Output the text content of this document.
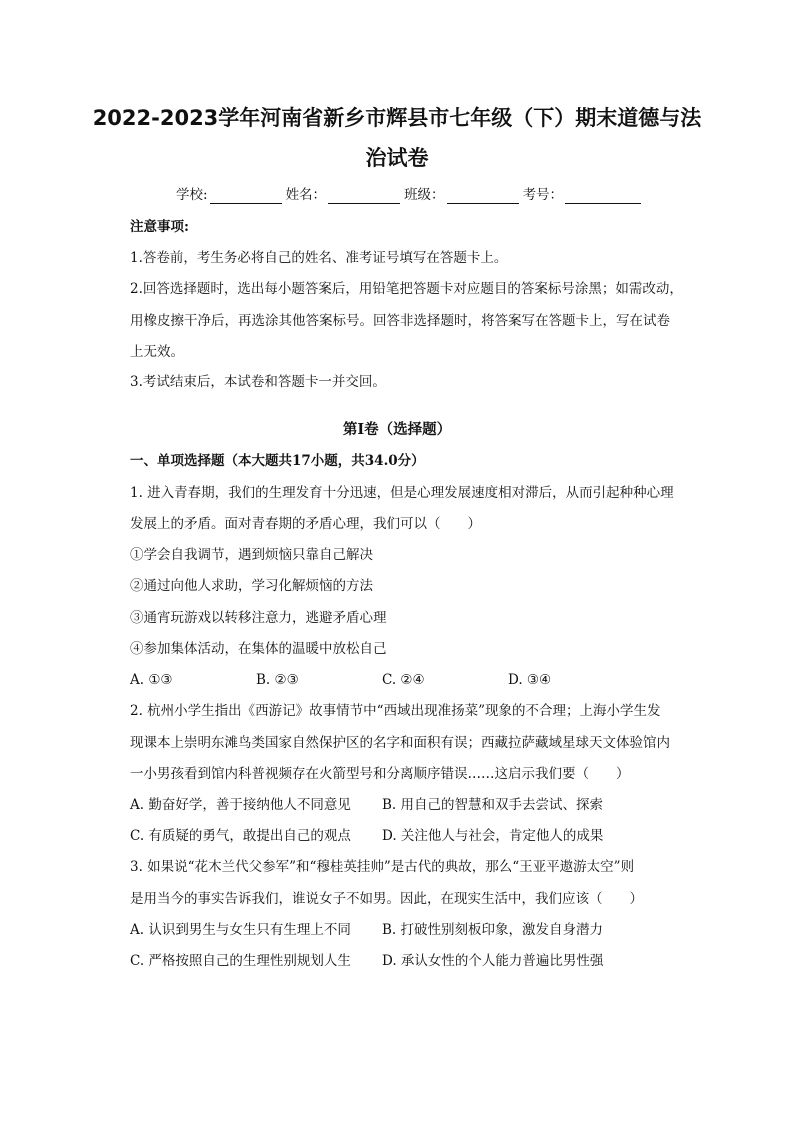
2022-2023学年河南省新乡市辉县市七年级（下）期末道德与法
治试卷
学校:	姓名：	班级：	考号：
注意事项:
1.答卷前，考生务必将自己的姓名、准考证号填写在答题卡上。
2.回答选择题时，选出每小题答案后，用铅笔把答题卡对应题目的答案标号涂黑；如需改动，
用橡皮擦干净后，再选涂其他答案标号。回答非选择题时，将答案写在答题卡上，写在试卷
上无效。
3.考试结束后，本试卷和答题卡一并交回。
第I卷（选择题）
一、单项选择题（本大题共17小题，共34.0分）
1. 进入青春期，我们的生理发育十分迅速，但是心理发展速度相对滞后，从而引起种种心理
发展上的矛盾。面对青春期的矛盾心理，我们可以（　　）
①学会自我调节，遇到烦恼只靠自己解决
②通过向他人求助，学习化解烦恼的方法
③通宵玩游戏以转移注意力，逃避矛盾心理
④参加集体活动，在集体的温暖中放松自己
A. ①③	B. ②③	C. ②④	D. ③④
2. 杭州小学生指出《西游记》故事情节中“西域出现准扬菜”现象的不合理；上海小学生发
现课本上崇明东滩鸟类国家自然保护区的名字和面积有误；西藏拉萨藏域星球天文体验馆内
一小男孩看到馆内科普视频存在火箭型号和分离顺序错误……这启示我们要（　　）
A. 勤奋好学，善于接纳他人不同意见 B. 用自己的智慧和双手去尝试、探索
C. 有质疑的勇气，敢提出自己的观点 D. 关注他人与社会，肯定他人的成果
3. 如果说“花木兰代父参军”和“穆桂英挂帅”是古代的典故，那么“王亚平遨游太空”则
是用当今的事实告诉我们，谁说女子不如男。因此，在现实生活中，我们应该（　　）
A. 认识到男生与女生只有生理上不同 B. 打破性别刻板印象，激发自身潜力
C. 严格按照自己的生理性别规划人生 D. 承认女性的个人能力普遍比男性强
